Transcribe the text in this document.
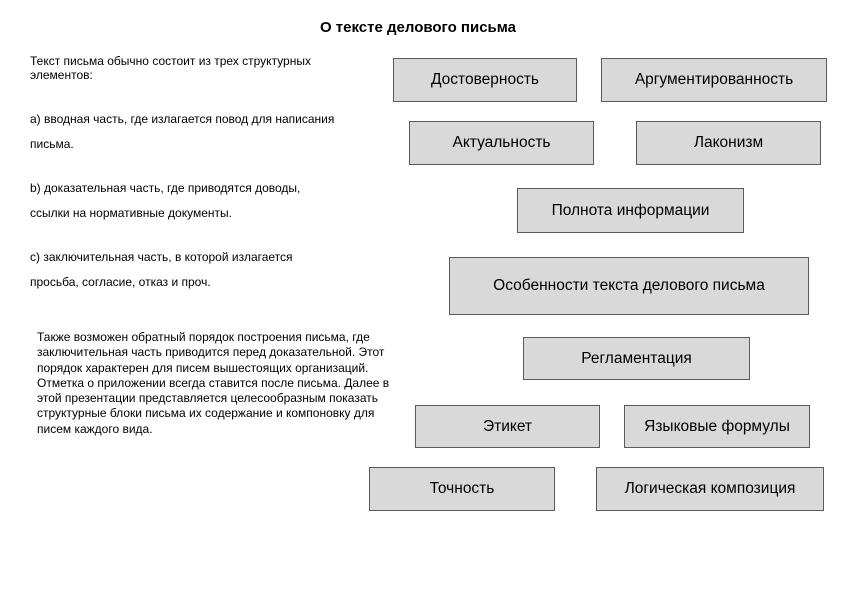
О тексте делового письма
Текст письма обычно состоит из трех структурных
элементов:
а) вводная часть, где излагается повод для написания
письма.
b) доказательная часть, где приводятся доводы,
ссылки на нормативные документы.
с) заключительная часть, в которой излагается
просьба, согласие, отказ и проч.
Также возможен обратный порядок построения письма, где заключительная часть приводится перед доказательной. Этот порядок характерен для писем вышестоящих организаций. Отметка о приложении всегда ставится после письма. Далее в этой презентации представляется целесообразным показать структурные блоки письма их содержание и компоновку для писем каждого вида.
Достоверность	Аргументированность
Актуальность	Лаконизм
Полнота информации
Особенности текста делового письма
Регламентация
Этикет	Языковые формулы
Точность	Логическая композиция
